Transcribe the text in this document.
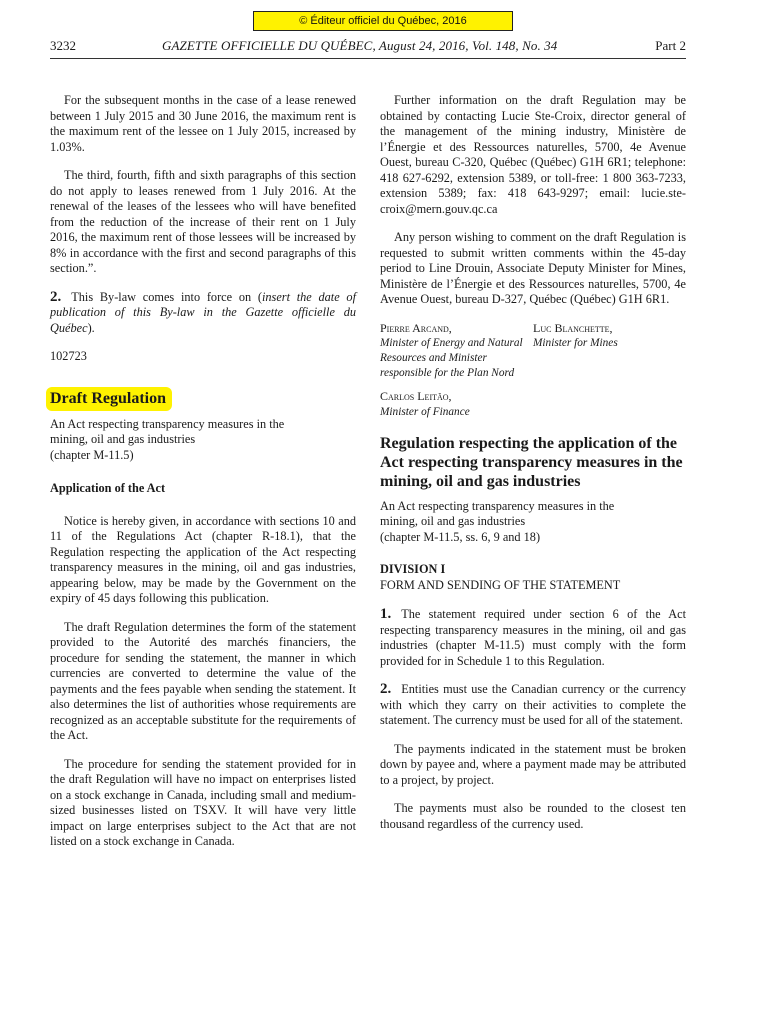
© Éditeur officiel du Québec, 2016
3232	GAZETTE OFFICIELLE DU QUÉBEC, August 24, 2016, Vol. 148, No. 34	Part 2

For the subsequent months in the case of a lease renewed between 1 July 2015 and 30 June 2016, the maximum rent is the maximum rent of the lessee on 1 July 2015, increased by 1.03%.

The third, fourth, fifth and sixth paragraphs of this section do not apply to leases renewed from 1 July 2016. At the renewal of the leases of the lessees who will have benefited from the reduction of the increase of their rent on 1 July 2016, the maximum rent of those lessees will be increased by 8% in accordance with the first and second paragraphs of this section.”.

2. This By-law comes into force on (insert the date of publication of this By-law in the Gazette officielle du Québec).

102723

Draft Regulation
An Act respecting transparency measures in the
mining, oil and gas industries
(chapter M-11.5)
Application of the Act

Notice is hereby given, in accordance with sections 10 and 11 of the Regulations Act (chapter R-18.1), that the Regulation respecting the application of the Act respecting transparency measures in the mining, oil and gas industries, appearing below, may be made by the Government on the expiry of 45 days following this publication.

The draft Regulation determines the form of the statement provided to the Autorité des marchés financiers, the procedure for sending the statement, the manner in which currencies are converted to determine the value of the payments and the fees payable when sending the statement. It also determines the list of authorities whose requirements are recognized as an acceptable substitute for the requirements of the Act.

The procedure for sending the statement provided for in the draft Regulation will have no impact on enterprises listed on a stock exchange in Canada, including small and medium-sized businesses listed on TSXV. It will have very little impact on large enterprises subject to the Act that are not listed on a stock exchange in Canada.

Further information on the draft Regulation may be obtained by contacting Lucie Ste-Croix, director general of the management of the mining industry, Ministère de l’Énergie et des Ressources naturelles, 5700, 4e Avenue Ouest, bureau C-320, Québec (Québec) G1H 6R1; telephone: 418 627-6292, extension 5389, or toll-free: 1 800 363-7233, extension 5389; fax: 418 643-9297; email: lucie.ste-croix@mern.gouv.qc.ca

Any person wishing to comment on the draft Regulation is requested to submit written comments within the 45-day period to Line Drouin, Associate Deputy Minister for Mines, Ministère de l’Énergie et des Ressources naturelles, 5700, 4e Avenue Ouest, bureau D-327, Québec (Québec) G1H 6R1.

Pierre Arcand,
Minister of Energy and Natural Resources and Minister responsible for the Plan Nord
Luc Blanchette,
Minister for Mines
Carlos Leitão,
Minister of Finance
Regulation respecting the application of the Act respecting transparency measures in the mining, oil and gas industries
An Act respecting transparency measures in the
mining, oil and gas industries
(chapter M-11.5, ss. 6, 9 and 18)
DIVISION I
FORM AND SENDING OF THE STATEMENT

1. The statement required under section 6 of the Act respecting transparency measures in the mining, oil and gas industries (chapter M-11.5) must comply with the form provided for in Schedule 1 to this Regulation.

2. Entities must use the Canadian currency or the currency with which they carry on their activities to complete the statement. The currency must be used for all of the statement.

The payments indicated in the statement must be broken down by payee and, where a payment made may be attributed to a project, by project.

The payments must also be rounded to the closest ten thousand regardless of the currency used.
